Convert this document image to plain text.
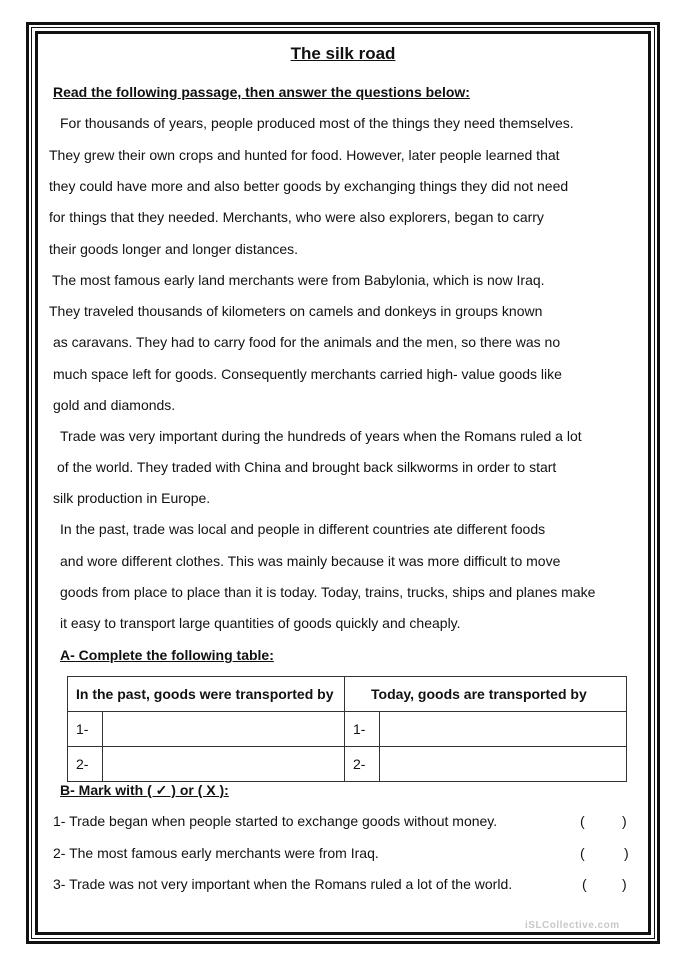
The silk road
Read the following passage, then answer the questions below:
For thousands of years, people produced most of the things they need themselves.
They grew their own crops and hunted for food. However, later people learned that
they could have more and also better goods by exchanging things they did not need
for things that they needed. Merchants, who were also explorers, began to carry
their goods longer and longer distances.
The most famous early land merchants were from Babylonia, which is now Iraq.
They traveled thousands of kilometers on camels and donkeys in groups known
as caravans. They had to carry food for the animals and the men, so there was no
much space left for goods. Consequently merchants carried high- value goods like
gold and diamonds.
Trade was very important during the hundreds of years when the Romans ruled a lot
of the world. They traded with China and brought back silkworms in order to start
silk production in Europe.
In the past, trade was local and people in different countries ate different foods
and wore different clothes. This was mainly because it was more difficult to move
goods from place to place than it is today. Today, trains, trucks, ships and planes make
it easy to transport large quantities of goods quickly and cheaply.
A- Complete the following table:
In the past, goods were transported by		Today, goods are transported by	
1-		1-	
2-		2-	
B- Mark with ( ✓ ) or ( X ):
1- Trade began when people started to exchange goods without money.	(	)
2- The most famous early merchants were from Iraq.	(	)
3- Trade was not very important when the Romans ruled a lot of the world.	(	)
iSLCollective.com
